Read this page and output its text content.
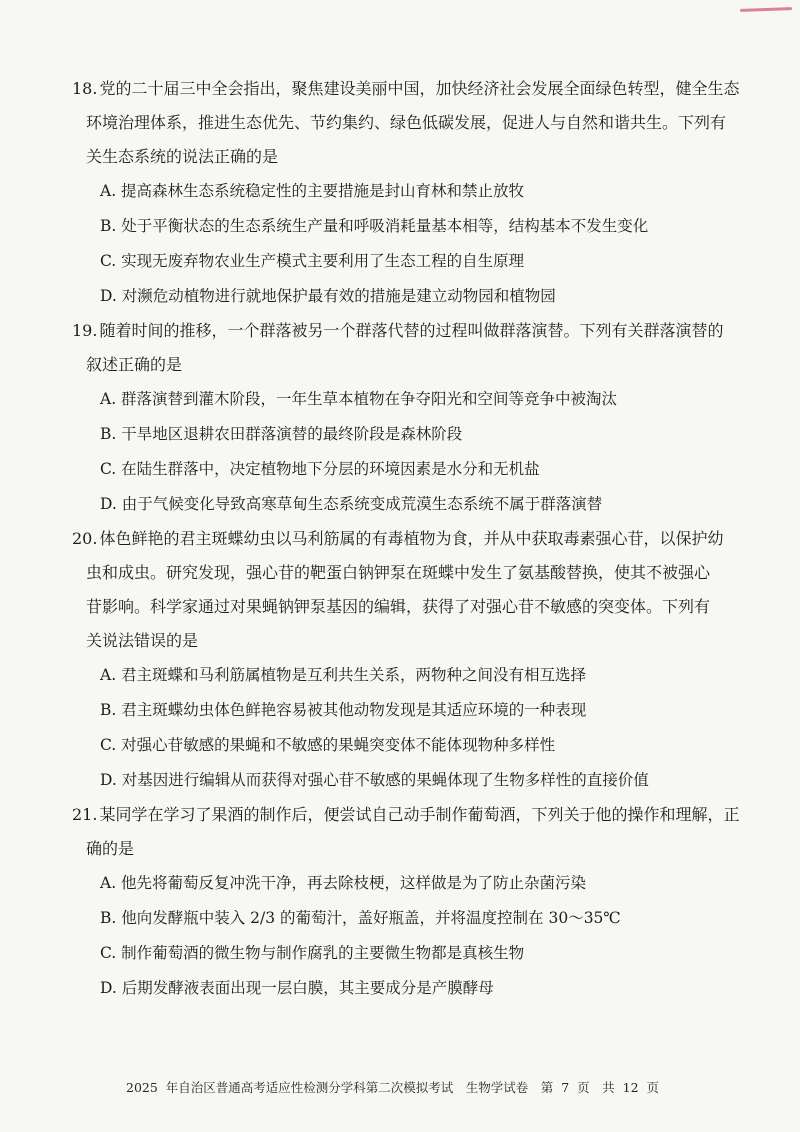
18. 党的二十届三中全会指出，聚焦建设美丽中国，加快经济社会发展全面绿色转型，健全生态
环境治理体系，推进生态优先、节约集约、绿色低碳发展，促进人与自然和谐共生。下列有
关生态系统的说法正确的是
A. 提高森林生态系统稳定性的主要措施是封山育林和禁止放牧
B. 处于平衡状态的生态系统生产量和呼吸消耗量基本相等，结构基本不发生变化
C. 实现无废弃物农业生产模式主要利用了生态工程的自生原理
D. 对濒危动植物进行就地保护最有效的措施是建立动物园和植物园
19. 随着时间的推移，一个群落被另一个群落代替的过程叫做群落演替。下列有关群落演替的
叙述正确的是
A. 群落演替到灌木阶段，一年生草本植物在争夺阳光和空间等竞争中被淘汰
B. 干旱地区退耕农田群落演替的最终阶段是森林阶段
C. 在陆生群落中，决定植物地下分层的环境因素是水分和无机盐
D. 由于气候变化导致高寒草甸生态系统变成荒漠生态系统不属于群落演替
20. 体色鲜艳的君主斑蝶幼虫以马利筋属的有毒植物为食，并从中获取毒素强心苷，以保护幼
虫和成虫。研究发现，强心苷的靶蛋白钠钾泵在斑蝶中发生了氨基酸替换，使其不被强心
苷影响。科学家通过对果蝇钠钾泵基因的编辑，获得了对强心苷不敏感的突变体。下列有
关说法错误的是
A. 君主斑蝶和马利筋属植物是互利共生关系，两物种之间没有相互选择
B. 君主斑蝶幼虫体色鲜艳容易被其他动物发现是其适应环境的一种表现
C. 对强心苷敏感的果蝇和不敏感的果蝇突变体不能体现物种多样性
D. 对基因进行编辑从而获得对强心苷不敏感的果蝇体现了生物多样性的直接价值
21. 某同学在学习了果酒的制作后，便尝试自己动手制作葡萄酒，下列关于他的操作和理解，正
确的是
A. 他先将葡萄反复冲洗干净，再去除枝梗，这样做是为了防止杂菌污染
B. 他向发酵瓶中装入 2/3 的葡萄汁，盖好瓶盖，并将温度控制在 30～35℃
C. 制作葡萄酒的微生物与制作腐乳的主要微生物都是真核生物
D. 后期发酵液表面出现一层白膜，其主要成分是产膜酵母
2025 年自治区普通高考适应性检测分学科第二次模拟考试　生物学试卷　第 7 页　共 12 页
